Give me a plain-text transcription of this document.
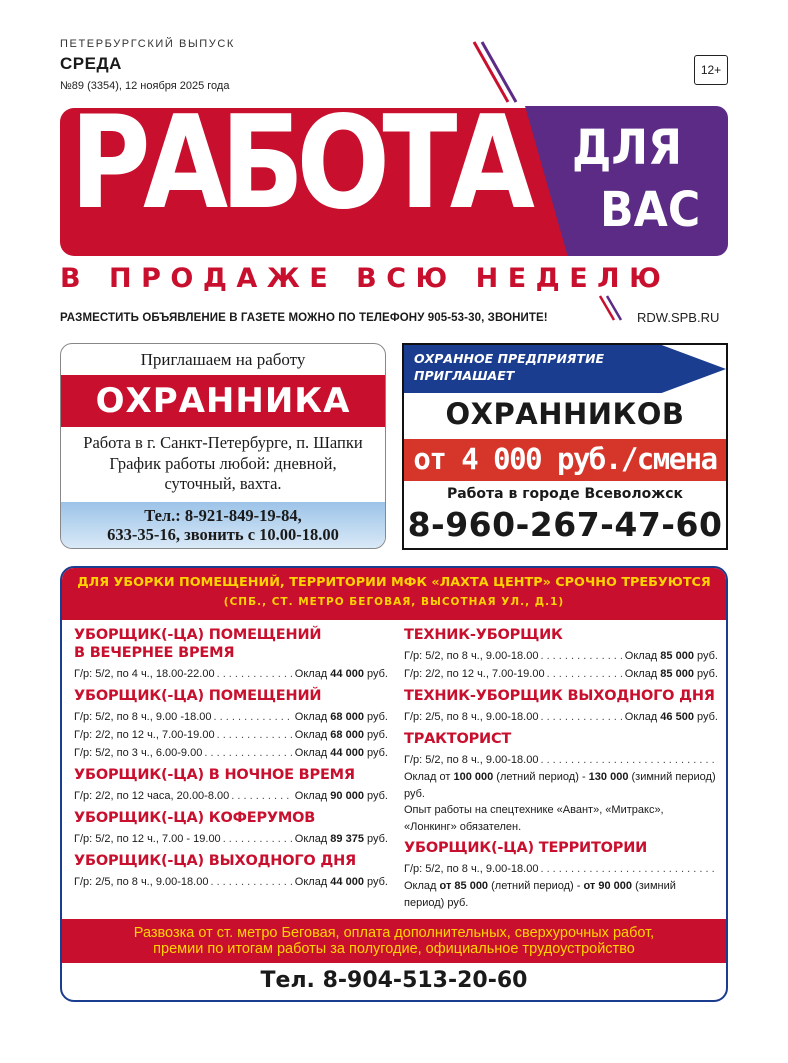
ПЕТЕРБУРГСКИЙ ВЫПУСК
СРЕДА
№89 (3354), 12 ноября 2025 года
12+
РАБОТА ДЛЯ
ВАС
В ПРОДАЖЕ ВСЮ НЕДЕЛЮ
РАЗМЕСТИТЬ ОБЪЯВЛЕНИЕ В ГАЗЕТЕ МОЖНО ПО ТЕЛЕФОНУ 905-53-30, ЗВОНИТЕ!	RDW.SPB.RU
Приглашаем на работу
ОХРАННИКА
Работа в г. Санкт-Петербурге, п. Шапки
График работы любой: дневной,
суточный, вахта.
Тел.: 8-921-849-19-84,
633-35-16, звонить с 10.00-18.00
ОХРАННОЕ ПРЕДПРИЯТИЕ
ПРИГЛАШАЕТ
ОХРАННИКОВ
от 4 000 руб./смена
Работа в городе Всеволожск
8-960-267-47-60
ДЛЯ УБОРКИ ПОМЕЩЕНИЙ, ТЕРРИТОРИИ МФК «ЛАХТА ЦЕНТР» СРОЧНО ТРЕБУЮТСЯ
(СПБ., СТ. МЕТРО БЕГОВАЯ, ВЫСОТНАЯ УЛ., Д.1)
УБОРЩИК(-ЦА) ПОМЕЩЕНИЙ В ВЕЧЕРНЕЕ ВРЕМЯ
Г/р: 5/2, по 4 ч., 18.00-22.00 . . .	Оклад 44 000 руб.
УБОРЩИК(-ЦА) ПОМЕЩЕНИЙ
Г/р: 5/2, по 8 ч., 9.00 -18.00 . . .	Оклад 68 000 руб.
Г/р: 2/2, по 12 ч., 7.00-19.00 . . .	Оклад 68 000 руб.
Г/р: 5/2, по 3 ч., 6.00-9.00 . . .	Оклад 44 000 руб.
УБОРЩИК(-ЦА) В НОЧНОЕ ВРЕМЯ
Г/р: 2/2, по 12 часа, 20.00-8.00 . . .	Оклад 90 000 руб.
УБОРЩИК(-ЦА) КОФЕРУМОВ
Г/р: 5/2, по 12 ч., 7.00 - 19.00 . . .	Оклад 89 375 руб.
УБОРЩИК(-ЦА) ВЫХОДНОГО ДНЯ
Г/р: 2/5, по 8 ч., 9.00-18.00 . . .	Оклад 44 000 руб.
ТЕХНИК-УБОРЩИК
Г/р: 5/2, по 8 ч., 9.00-18.00 . . .	Оклад 85 000 руб.
Г/р: 2/2, по 12 ч., 7.00-19.00 . . .	Оклад 85 000 руб.
ТЕХНИК-УБОРЩИК ВЫХОДНОГО ДНЯ
Г/р: 2/5, по 8 ч., 9.00-18.00 . . .	Оклад 46 500 руб.
ТРАКТОРИСТ
Г/р: 5/2, по 8 ч., 9.00-18.00
. . .
Оклад от 100 000 (летний период) - 130 000 (зимний период) руб.
Опыт работы на спецтехнике «Авант», «Митракс», «Лонкинг» обязателен.
УБОРЩИК(-ЦА) ТЕРРИТОРИИ
Г/р: 5/2, по 8 ч., 9.00-18.00
. . .
Оклад от 85 000 (летний период) - от 90 000 (зимний период) руб.
Развозка от ст. метро Беговая, оплата дополнительных, сверхурочных работ,
премии по итогам работы за полугодие, официальное трудоустройство
Тел. 8-904-513-20-60
